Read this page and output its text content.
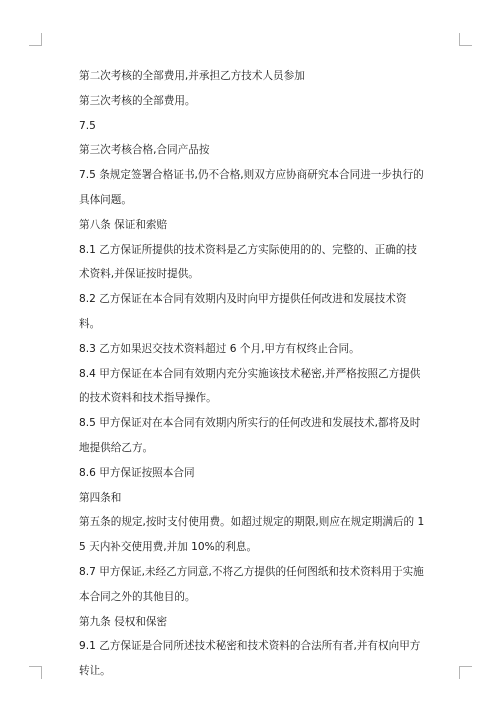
第二次考核的全部费用,并承担乙方技术人员参加

第三次考核的全部费用。

7.5

第三次考核合格,合同产品按

7.5 条规定签署合格证书,仍不合格,则双方应协商研究本合同进一步执行的具体问题。

第八条 保证和索赔

8.1 乙方保证所提供的技术资料是乙方实际使用的的、完整的、正确的技术资料,并保证按时提供。

8.2 乙方保证在本合同有效期内及时向甲方提供任何改进和发展技术资料。

8.3 乙方如果迟交技术资料超过 6 个月,甲方有权终止合同。

8.4 甲方保证在本合同有效期内充分实施该技术秘密,并严格按照乙方提供的技术资料和技术指导操作。

8.5 甲方保证对在本合同有效期内所实行的任何改进和发展技术,都将及时地提供给乙方。

8.6 甲方保证按照本合同

第四条和

第五条的规定,按时支付使用费。如超过规定的期限,则应在规定期满后的 15 天内补交使用费,并加 10%的利息。

8.7 甲方保证,未经乙方同意,不将乙方提供的任何图纸和技术资料用于实施本合同之外的其他目的。

第九条 侵权和保密

9.1 乙方保证是合同所述技术秘密和技术资料的合法所有者,并有权向甲方转让。
